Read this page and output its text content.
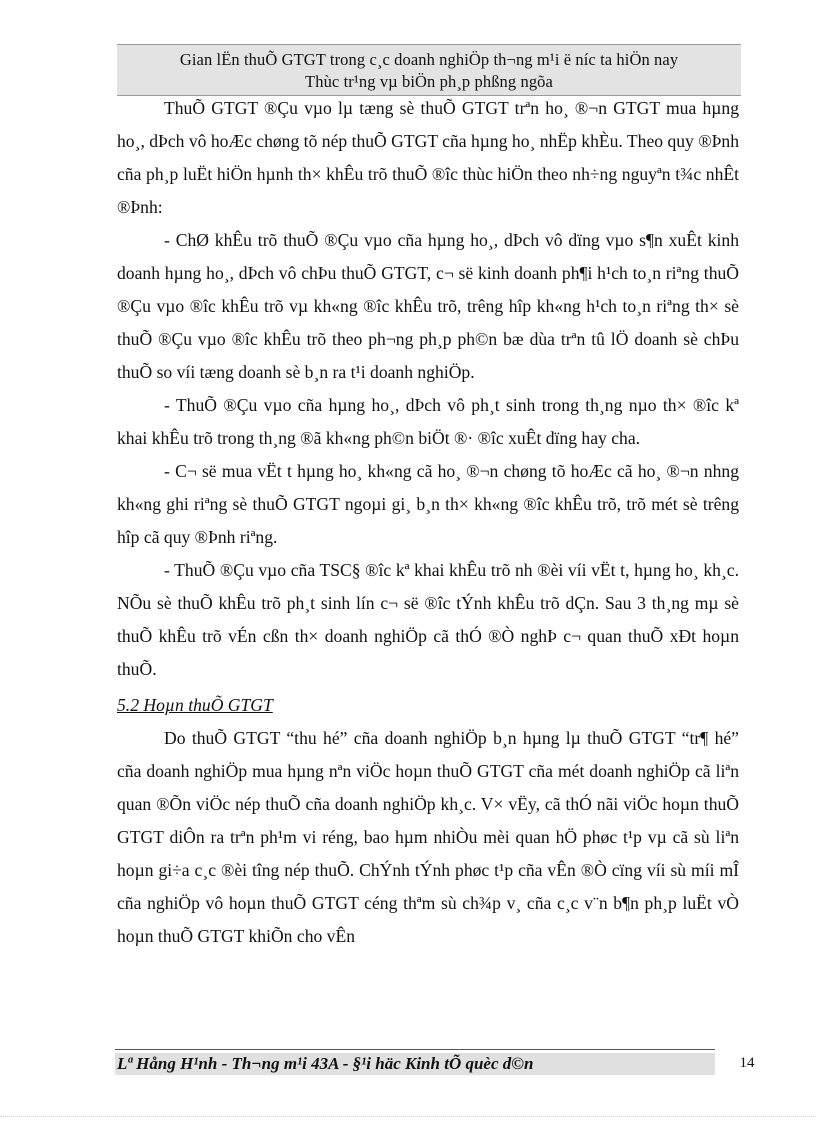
Gian lËn thuÕ GTGT trong c¸c doanh nghiÖp th¬ng m¹i ë níc ta hiÖn nay
Thùc tr¹ng vµ biÖn ph¸p phßng ngõa

ThuÕ GTGT ®Çu vµo lµ tæng sè thuÕ GTGT trªn ho¸ ®¬n GTGT mua hµng ho¸, dÞch vô hoÆc chøng tõ nép thuÕ GTGT cña hµng ho¸ nhËp khÈu. Theo quy ®Þnh cña ph¸p luËt hiÖn hµnh th× khÊu trõ thuÕ ®îc thùc hiÖn theo nh÷ng nguyªn t¾c nhÊt ®Þnh:

- ChØ khÊu trõ thuÕ ®Çu vµo cña hµng ho¸, dÞch vô dïng vµo s¶n xuÊt kinh doanh hµng ho¸, dÞch vô chÞu thuÕ GTGT, c¬ së kinh doanh ph¶i h¹ch to¸n riªng thuÕ ®Çu vµo ®îc khÊu trõ vµ kh«ng ®îc khÊu trõ, trêng hîp kh«ng h¹ch to¸n riªng th× sè thuÕ ®Çu vµo ®îc khÊu trõ theo ph¬ng ph¸p ph©n bæ dùa trªn tû lÖ doanh sè chÞu thuÕ so víi tæng doanh sè b¸n ra t¹i doanh nghiÖp.

- ThuÕ ®Çu vµo cña hµng ho¸, dÞch vô ph¸t sinh trong th¸ng nµo th× ®îc kª khai khÊu trõ trong th¸ng ®ã kh«ng ph©n biÖt ®· ®îc xuÊt dïng hay cha.

- C¬ së mua vËt t hµng ho¸ kh«ng cã ho¸ ®¬n chøng tõ hoÆc cã ho¸ ®¬n nhng kh«ng ghi riªng sè thuÕ GTGT ngoµi gi¸ b¸n th× kh«ng ®îc khÊu trõ, trõ mét sè trêng hîp cã quy ®Þnh riªng.

- ThuÕ ®Çu vµo cña TSC§ ®îc kª khai khÊu trõ nh ®èi víi vËt t, hµng ho¸ kh¸c. NÕu sè thuÕ khÊu trõ ph¸t sinh lín c¬ së ®îc tÝnh khÊu trõ dÇn. Sau 3 th¸ng mµ sè thuÕ khÊu trõ vÉn cßn th× doanh nghiÖp cã thÓ ®Ò nghÞ c¬ quan thuÕ xÐt hoµn thuÕ.

5.2 Hoµn thuÕ GTGT

Do thuÕ GTGT “thu hé” cña doanh nghiÖp b¸n hµng lµ thuÕ GTGT “tr¶ hé” cña doanh nghiÖp mua hµng nªn viÖc hoµn thuÕ GTGT cña mét doanh nghiÖp cã liªn quan ®Õn viÖc nép thuÕ cña doanh nghiÖp kh¸c. V× vËy, cã thÓ nãi viÖc hoµn thuÕ GTGT diÔn ra trªn ph¹m vi réng, bao hµm nhiÒu mèi quan hÖ phøc t¹p vµ cã sù liªn hoµn gi÷a c¸c ®èi tîng nép thuÕ. ChÝnh tÝnh phøc t¹p cña vÊn ®Ò cïng víi sù míi mÎ cña nghiÖp vô hoµn thuÕ GTGT céng thªm sù ch¾p v¸ cña c¸c v¨n b¶n ph¸p luËt vÒ hoµn thuÕ GTGT khiÕn cho vÊn

Lª Hång H¹nh - Th¬ng m¹i 43A - §¹i häc Kinh tÕ quèc d©n	14
